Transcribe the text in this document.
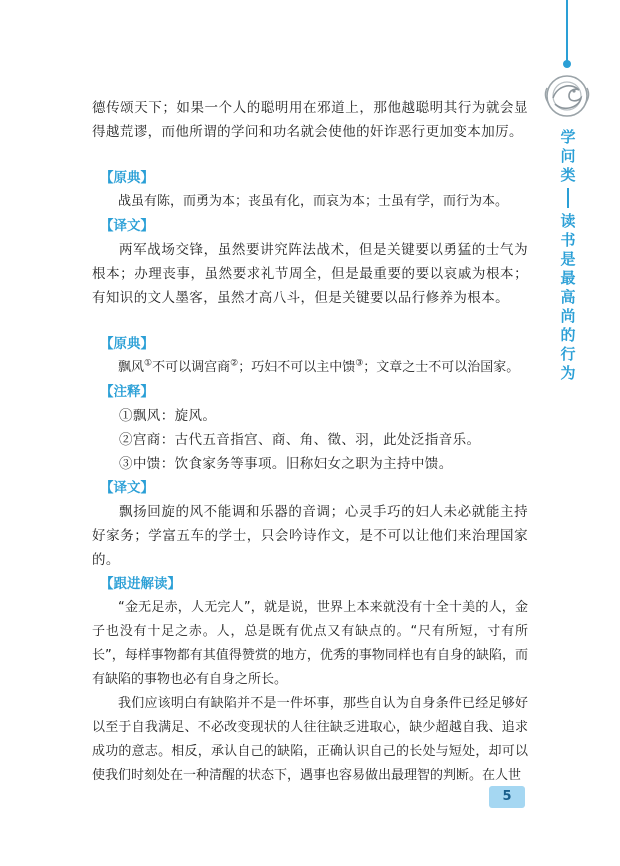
学
问
类
读
书
是
最
高
尚
的
行
为

德传颂天下；如果一个人的聪明用在邪道上，那他越聪明其行为就会显得越荒谬，而他所谓的学问和功名就会使他的奸诈恶行更加变本加厉。

【原典】

战虽有陈，而勇为本；丧虽有化，而哀为本；士虽有学，而行为本。

【译文】

两军战场交锋，虽然要讲究阵法战术，但是关键要以勇猛的士气为根本；办理丧事，虽然要求礼节周全，但是最重要的要以哀戚为根本；有知识的文人墨客，虽然才高八斗，但是关键要以品行修养为根本。

【原典】

飘风①不可以调宫商②；巧妇不可以主中馈③；文章之士不可以治国家。

【注释】

①飘风：旋风。

②宫商：古代五音指宫、商、角、徵、羽，此处泛指音乐。

③中馈：饮食家务等事项。旧称妇女之职为主持中馈。

【译文】

飘扬回旋的风不能调和乐器的音调；心灵手巧的妇人未必就能主持好家务；学富五车的学士，只会吟诗作文，是不可以让他们来治理国家的。

【跟进解读】

“金无足赤，人无完人”，就是说，世界上本来就没有十全十美的人，金子也没有十足之赤。人，总是既有优点又有缺点的。“尺有所短，寸有所长”，每样事物都有其值得赞赏的地方，优秀的事物同样也有自身的缺陷，而有缺陷的事物也必有自身之所长。

我们应该明白有缺陷并不是一件坏事，那些自认为自身条件已经足够好以至于自我满足、不必改变现状的人往往缺乏进取心，缺少超越自我、追求成功的意志。相反，承认自己的缺陷，正确认识自己的长处与短处，却可以使我们时刻处在一种清醒的状态下，遇事也容易做出最理智的判断。在人世

5
